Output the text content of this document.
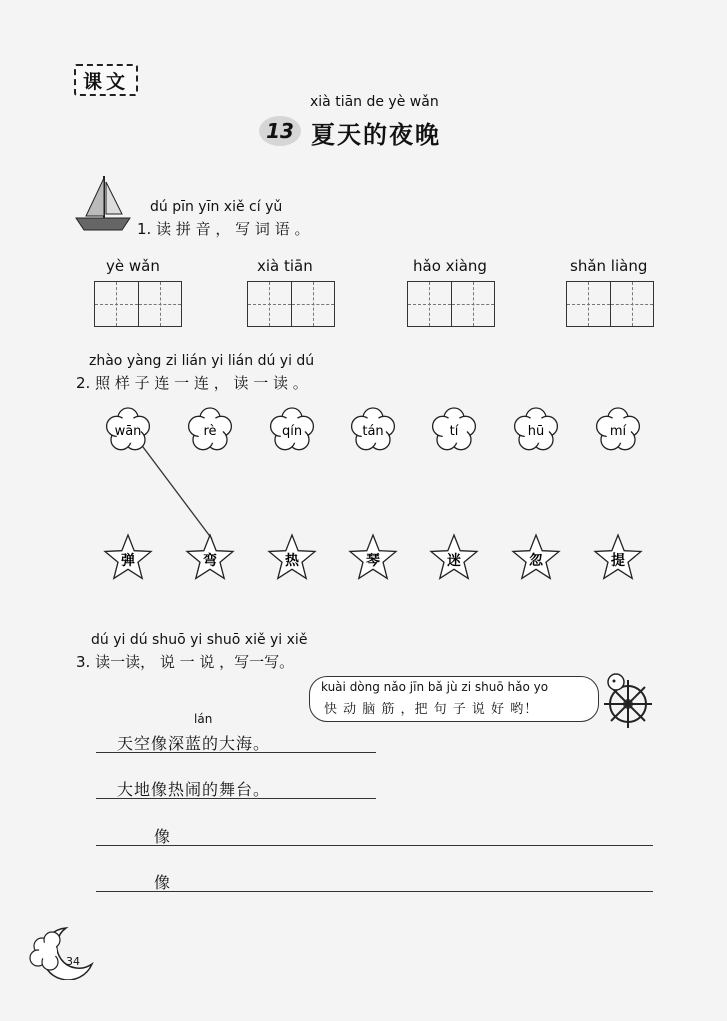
课文
xià tiān de yè wǎn
13 夏天的夜晚
dú pīn yīn xiě cí yǔ
1. 读 拼 音 ， 写 词 语 。
yè wǎn	xià tiān	hǎo xiàng	shǎn liàng
zhào yàng zi lián yi lián dú yi dú
2. 照 样 子 连 一 连 ， 读 一 读 。
wān	rè	qín	tán	tí	hū	mí
弹	弯	热	琴	迷	忽	提
dú yi dú shuō yi shuō xiě yi xiě
3. 读一读， 说 一 说 ，写一写。
kuài dòng nǎo jīn bǎ jù zi shuō hǎo yo
快 动 脑 筋 ，把 句 子 说 好 哟！
lán
天空像深蓝的大海。
大地像热闹的舞台。
像
像
34
